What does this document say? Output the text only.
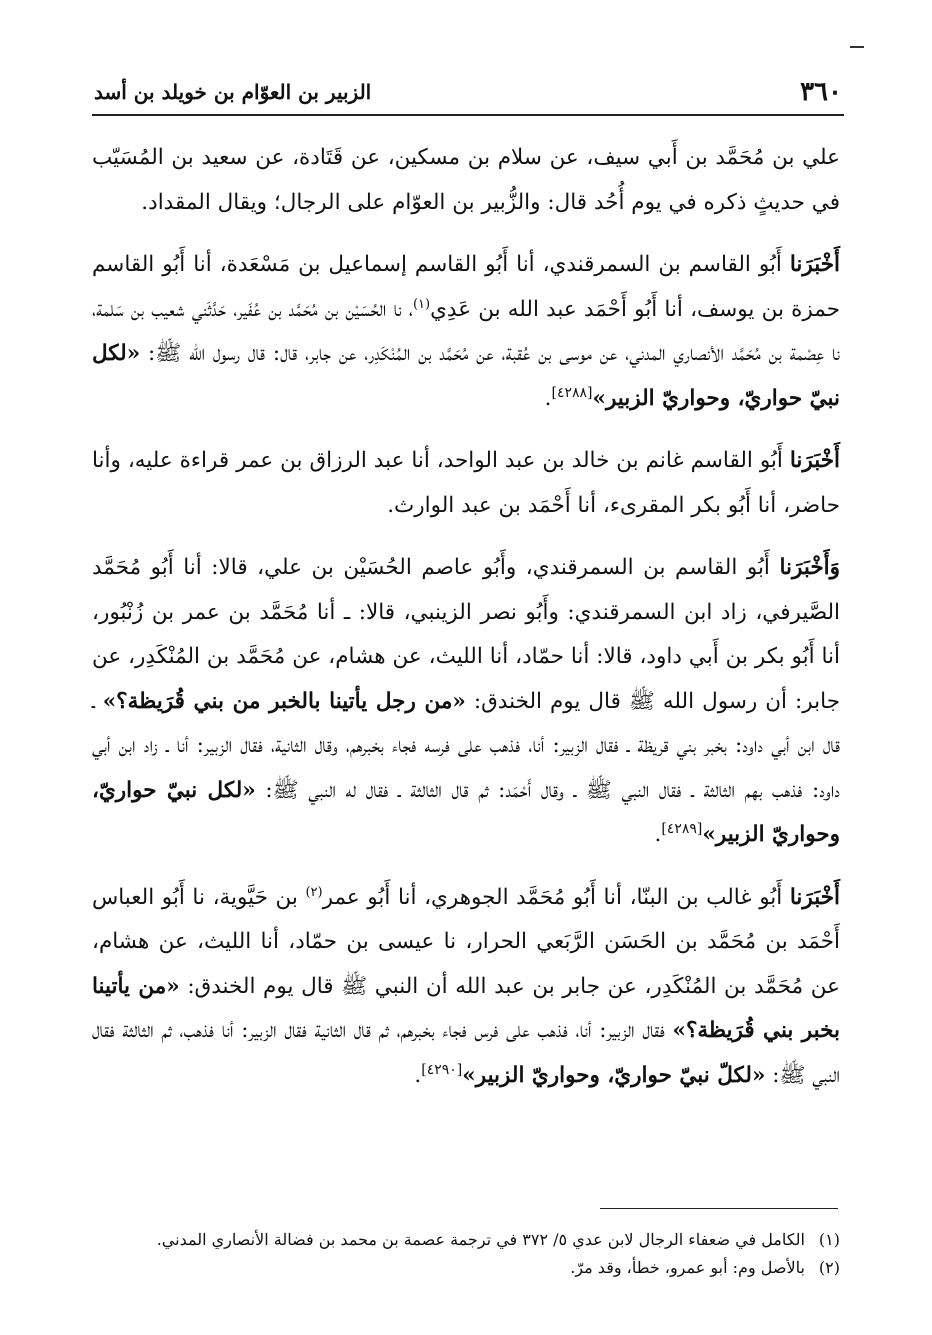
٣٦٠
الزبير بن العوّام بن خويلد بن أسد

علي بن مُحَمَّد بن أَبي سيف، عن سلام بن مسكين، عن قَتَادة، عن سعيد بن المُسَيّب في حديثٍ ذكره في يوم أُحُد قال: والزُّبير بن العوّام على الرجال؛ ويقال المقداد.

أَخْبَرَنا أَبُو القاسم بن السمرقندي، أنا أَبُو القاسم إسماعيل بن مَسْعَدة، أنا أَبُو القاسم حمزة بن يوسف، أنا أَبُو أَحْمَد عبد الله بن عَدِي$^{(١)}$، نا الحُسَيْن بن مُحَمَّد بن عُفَير، حَدَّثَني شعيب بن سَلمة، نا عِصْمة بن مُحَمَّد الأنصاري المدني، عن موسى بن عُقبة، عن مُحَمَّد بن المُنْكَدِر، عن جابر، قال: قال رسول الله ﷺ: «لكل نبيّ حواريّ، وحواريّ الزبير»[٤٢٨٨].

أَخْبَرَنا أَبُو القاسم غانم بن خالد بن عبد الواحد، أنا عبد الرزاق بن عمر قراءة عليه، وأنا حاضر، أنا أَبُو بكر المقرىء، أنا أَحْمَد بن عبد الوارث.

وَأَخْبَرَنا أَبُو القاسم بن السمرقندي، وأَبُو عاصم الحُسَيْن بن علي، قالا: أنا أَبُو مُحَمَّد الصَّيرفي، زاد ابن السمرقندي: وأَبُو نصر الزينبي، قالا: ـ أنا مُحَمَّد بن عمر بن زُنْبُور، أنا أَبُو بكر بن أَبي داود، قالا: أنا حمّاد، أنا الليث، عن هشام، عن مُحَمَّد بن المُنْكَدِر، عن جابر: أن رسول الله ﷺ قال يوم الخندق: «من رجل يأتينا بالخبر من بني قُرَيظة؟» ـ قال ابن أبي داود: بخبر بني قريظة ـ فقال الزبير: أنا، فذهب على فرسه فجاء بخبرهم، وقال الثانية، فقال الزبير: أنا ـ زاد ابن أبي داود: فذهب بهم الثالثة ـ فقال النبي ﷺ ـ وقال أَحْمَد: ثم قال الثالثة ـ فقال له النبي ﷺ: «لكل نبيّ حواريّ، وحواريّ الزبير»[٤٢٨٩].

أَخْبَرَنا أَبُو غالب بن البنّا، أنا أَبُو مُحَمَّد الجوهري، أنا أَبُو عمر$^{(٢)}$ بن حَيَّوية، نا أَبُو العباس أَحْمَد بن مُحَمَّد بن الحَسَن الرَّبَعي الحرار، نا عيسى بن حمّاد، أنا الليث، عن هشام، عن مُحَمَّد بن المُنْكَدِر، عن جابر بن عبد الله أن النبي ﷺ قال يوم الخندق: «من يأتينا بخبر بني قُرَيظة؟» فقال الزبير: أنا، فذهب على فرس فجاء بخبرهم، ثم قال الثانية فقال الزبير: أنا فذهب، ثم الثالثة فقال النبي ﷺ: «لكلّ نبيّ حواريّ، وحواريّ الزبير»[٤٢٩٠].

(١)
الكامل في ضعفاء الرجال لابن عدي ٥/ ٣٧٢ في ترجمة عصمة بن محمد بن فضالة الأنصاري المدني.
(٢)
بالأصل وم: أبو عمرو، خطأ، وقد مرّ.
